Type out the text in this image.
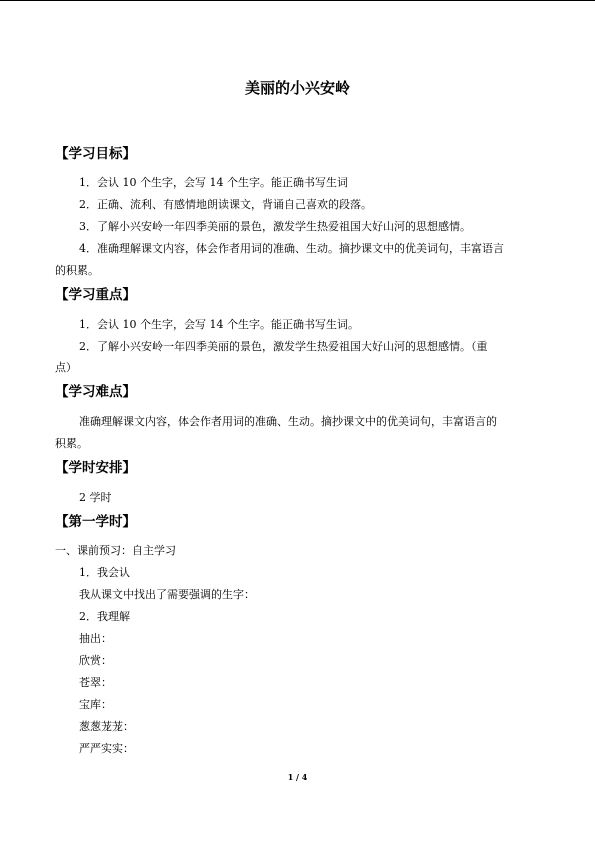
美丽的小兴安岭
【学习目标】
1．会认 10 个生字，会写 14 个生字。能正确书写生词
2．正确、流利、有感情地朗读课文，背诵自己喜欢的段落。
3．了解小兴安岭一年四季美丽的景色，激发学生热爱祖国大好山河的思想感情。
4．准确理解课文内容，体会作者用词的准确、生动。摘抄课文中的优美词句，丰富语言
的积累。
【学习重点】
1．会认 10 个生字，会写 14 个生字。能正确书写生词。
2．了解小兴安岭一年四季美丽的景色，激发学生热爱祖国大好山河的思想感情。（重
点）
【学习难点】
准确理解课文内容，体会作者用词的准确、生动。摘抄课文中的优美词句，丰富语言的
积累。
【学时安排】
2 学时
【第一学时】
一、课前预习：自主学习
1．我会认
我从课文中找出了需要强调的生字：
2．我理解
抽出：
欣赏：
苍翠：
宝库：
葱葱茏茏：
严严实实：
1 / 4
